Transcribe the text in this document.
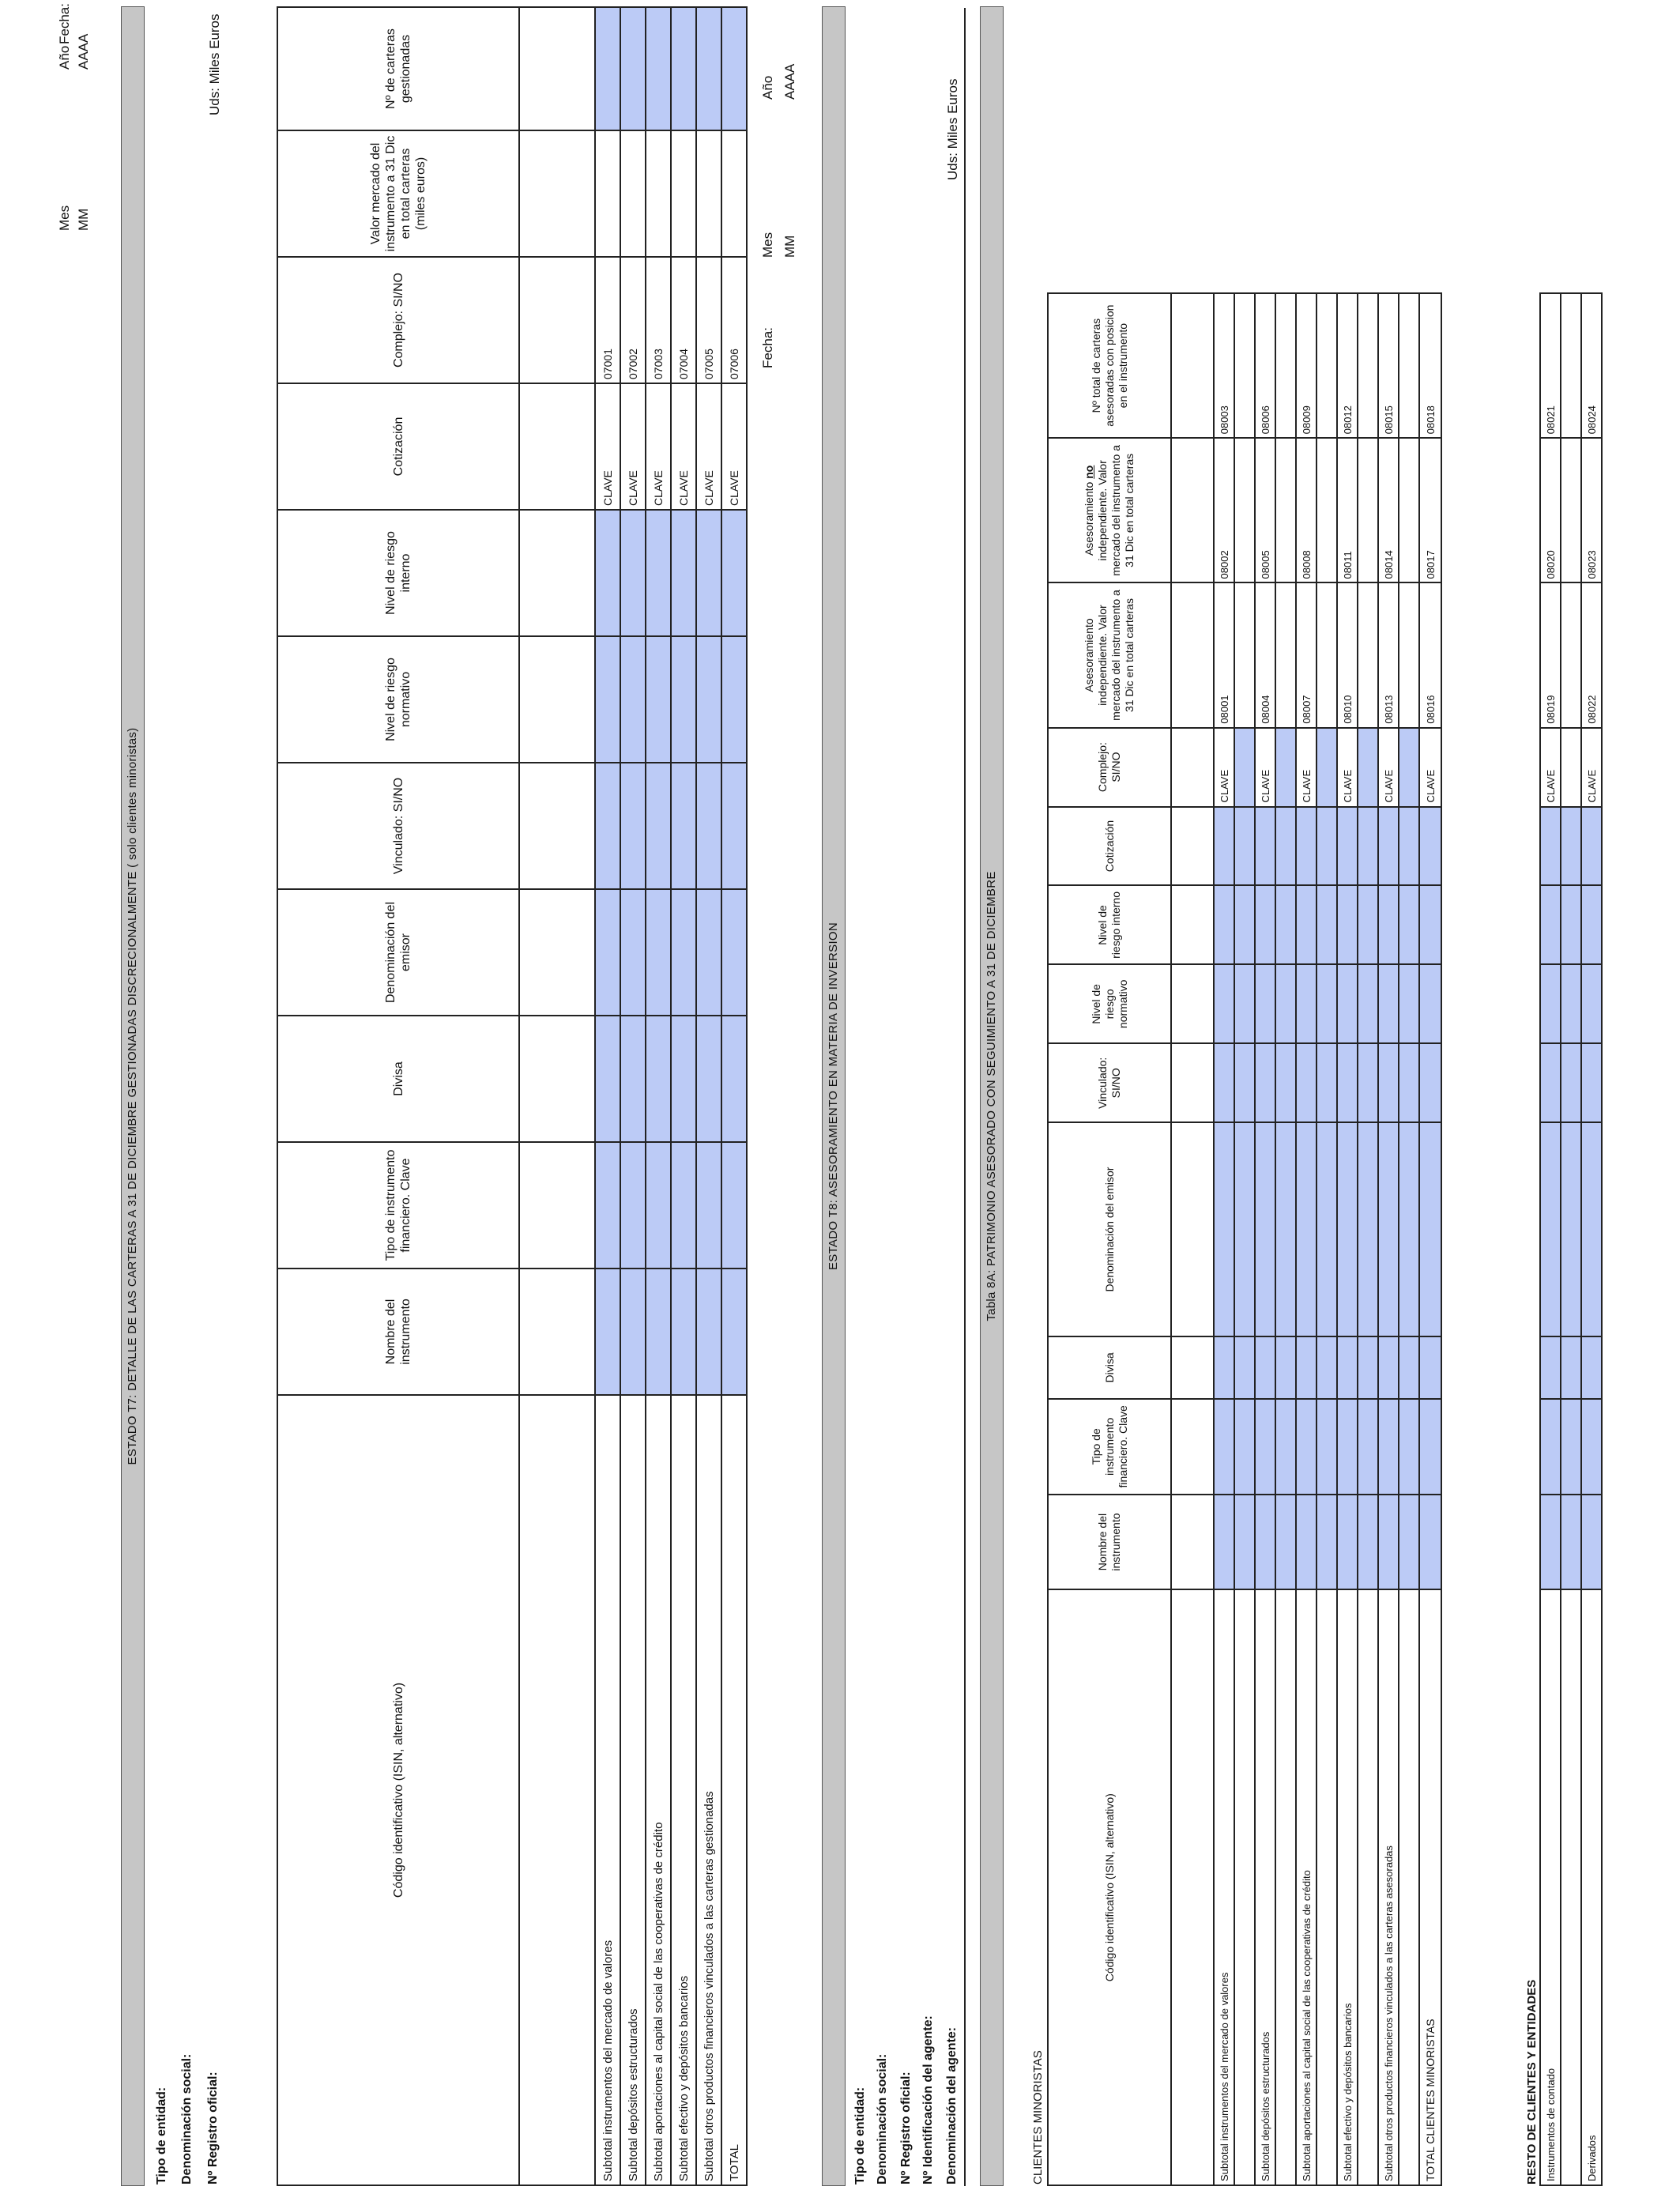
ESTADO T7: DETALLE DE LAS CARTERAS A 31 DE DICIEMBRE GESTIONADAS DISCRECIONALMENTE ( solo clientes minoristas)
Tipo de entidad: Denominación social: Nº Registro oficial:
Fecha:
Mes MM
Año AAAA	Uds: Miles Euros
Código identificativo (ISIN, alternativo)	Nombre del instrumento	Tipo de instrumento financiero. Clave	Divisa	Denominación del emisor	Vinculado: SI/NO	Nivel de riesgo normativo	Nivel de riesgo interno	Cotización	Complejo: SI/NO	Valor mercado del instrumento a 31 Dic en total carteras (miles euros)	Nº de carteras gestionadas

Subtotal instrumentos del mercado de valores								CLAVE	07001		
Subtotal depósitos estructurados								CLAVE	07002		
Subtotal aportaciones al capital social de las cooperativas de crédito								CLAVE	07003		
Subtotal efectivo y depósitos bancarios								CLAVE	07004		
Subtotal otros productos financieros vinculados a las carteras gestionadas								CLAVE	07005		
TOTAL								CLAVE	07006		
ESTADO T8: ASESORAMIENTO EN MATERIA DE INVERSION
Tipo de entidad: Denominación social: Nº Registro oficial: Nº Identificación del agente: Denominación del agente:
Fecha:
Mes MM
Año AAAA	Uds: Miles Euros
Tabla 8A: PATRIMONIO ASESORADO CON SEGUIMIENTO A 31 DE DICIEMBRE
CLIENTES MINORISTAS
Código identificativo (ISIN, alternativo)	Nombre del instrumento	Tipo de instrumento financiero. Clave	Divisa	Denominación del emisor	Vinculado: SI/NO	Nivel de riesgo normativo	Nivel de riesgo interno	Cotización	Complejo: SI/NO	Asesoramiento independiente. Valor mercado del instrumento a 31 Dic en total carteras	Asesoramiento no independiente. Valor mercado del instrumento a 31 Dic en total carteras	Nº total de carteras asesoradas con posicion en el instrumento

Subtotal instrumentos del mercado de valores									CLAVE	08001	08002	08003

Subtotal depósitos estructurados									CLAVE	08004	08005	08006

Subtotal aportaciones al capital social de las cooperativas de crédito									CLAVE	08007	08008	08009

Subtotal efectivo y depósitos bancarios									CLAVE	08010	08011	08012

Subtotal otros productos financieros vinculados a las carteras asesoradas									CLAVE	08013	08014	08015

TOTAL CLIENTES MINORISTAS									CLAVE	08016	08017	08018
RESTO DE CLIENTES Y ENTIDADES Instrumentos de contado									CLAVE	08019	08020	08021

Derivados									CLAVE	08022	08023	08024
